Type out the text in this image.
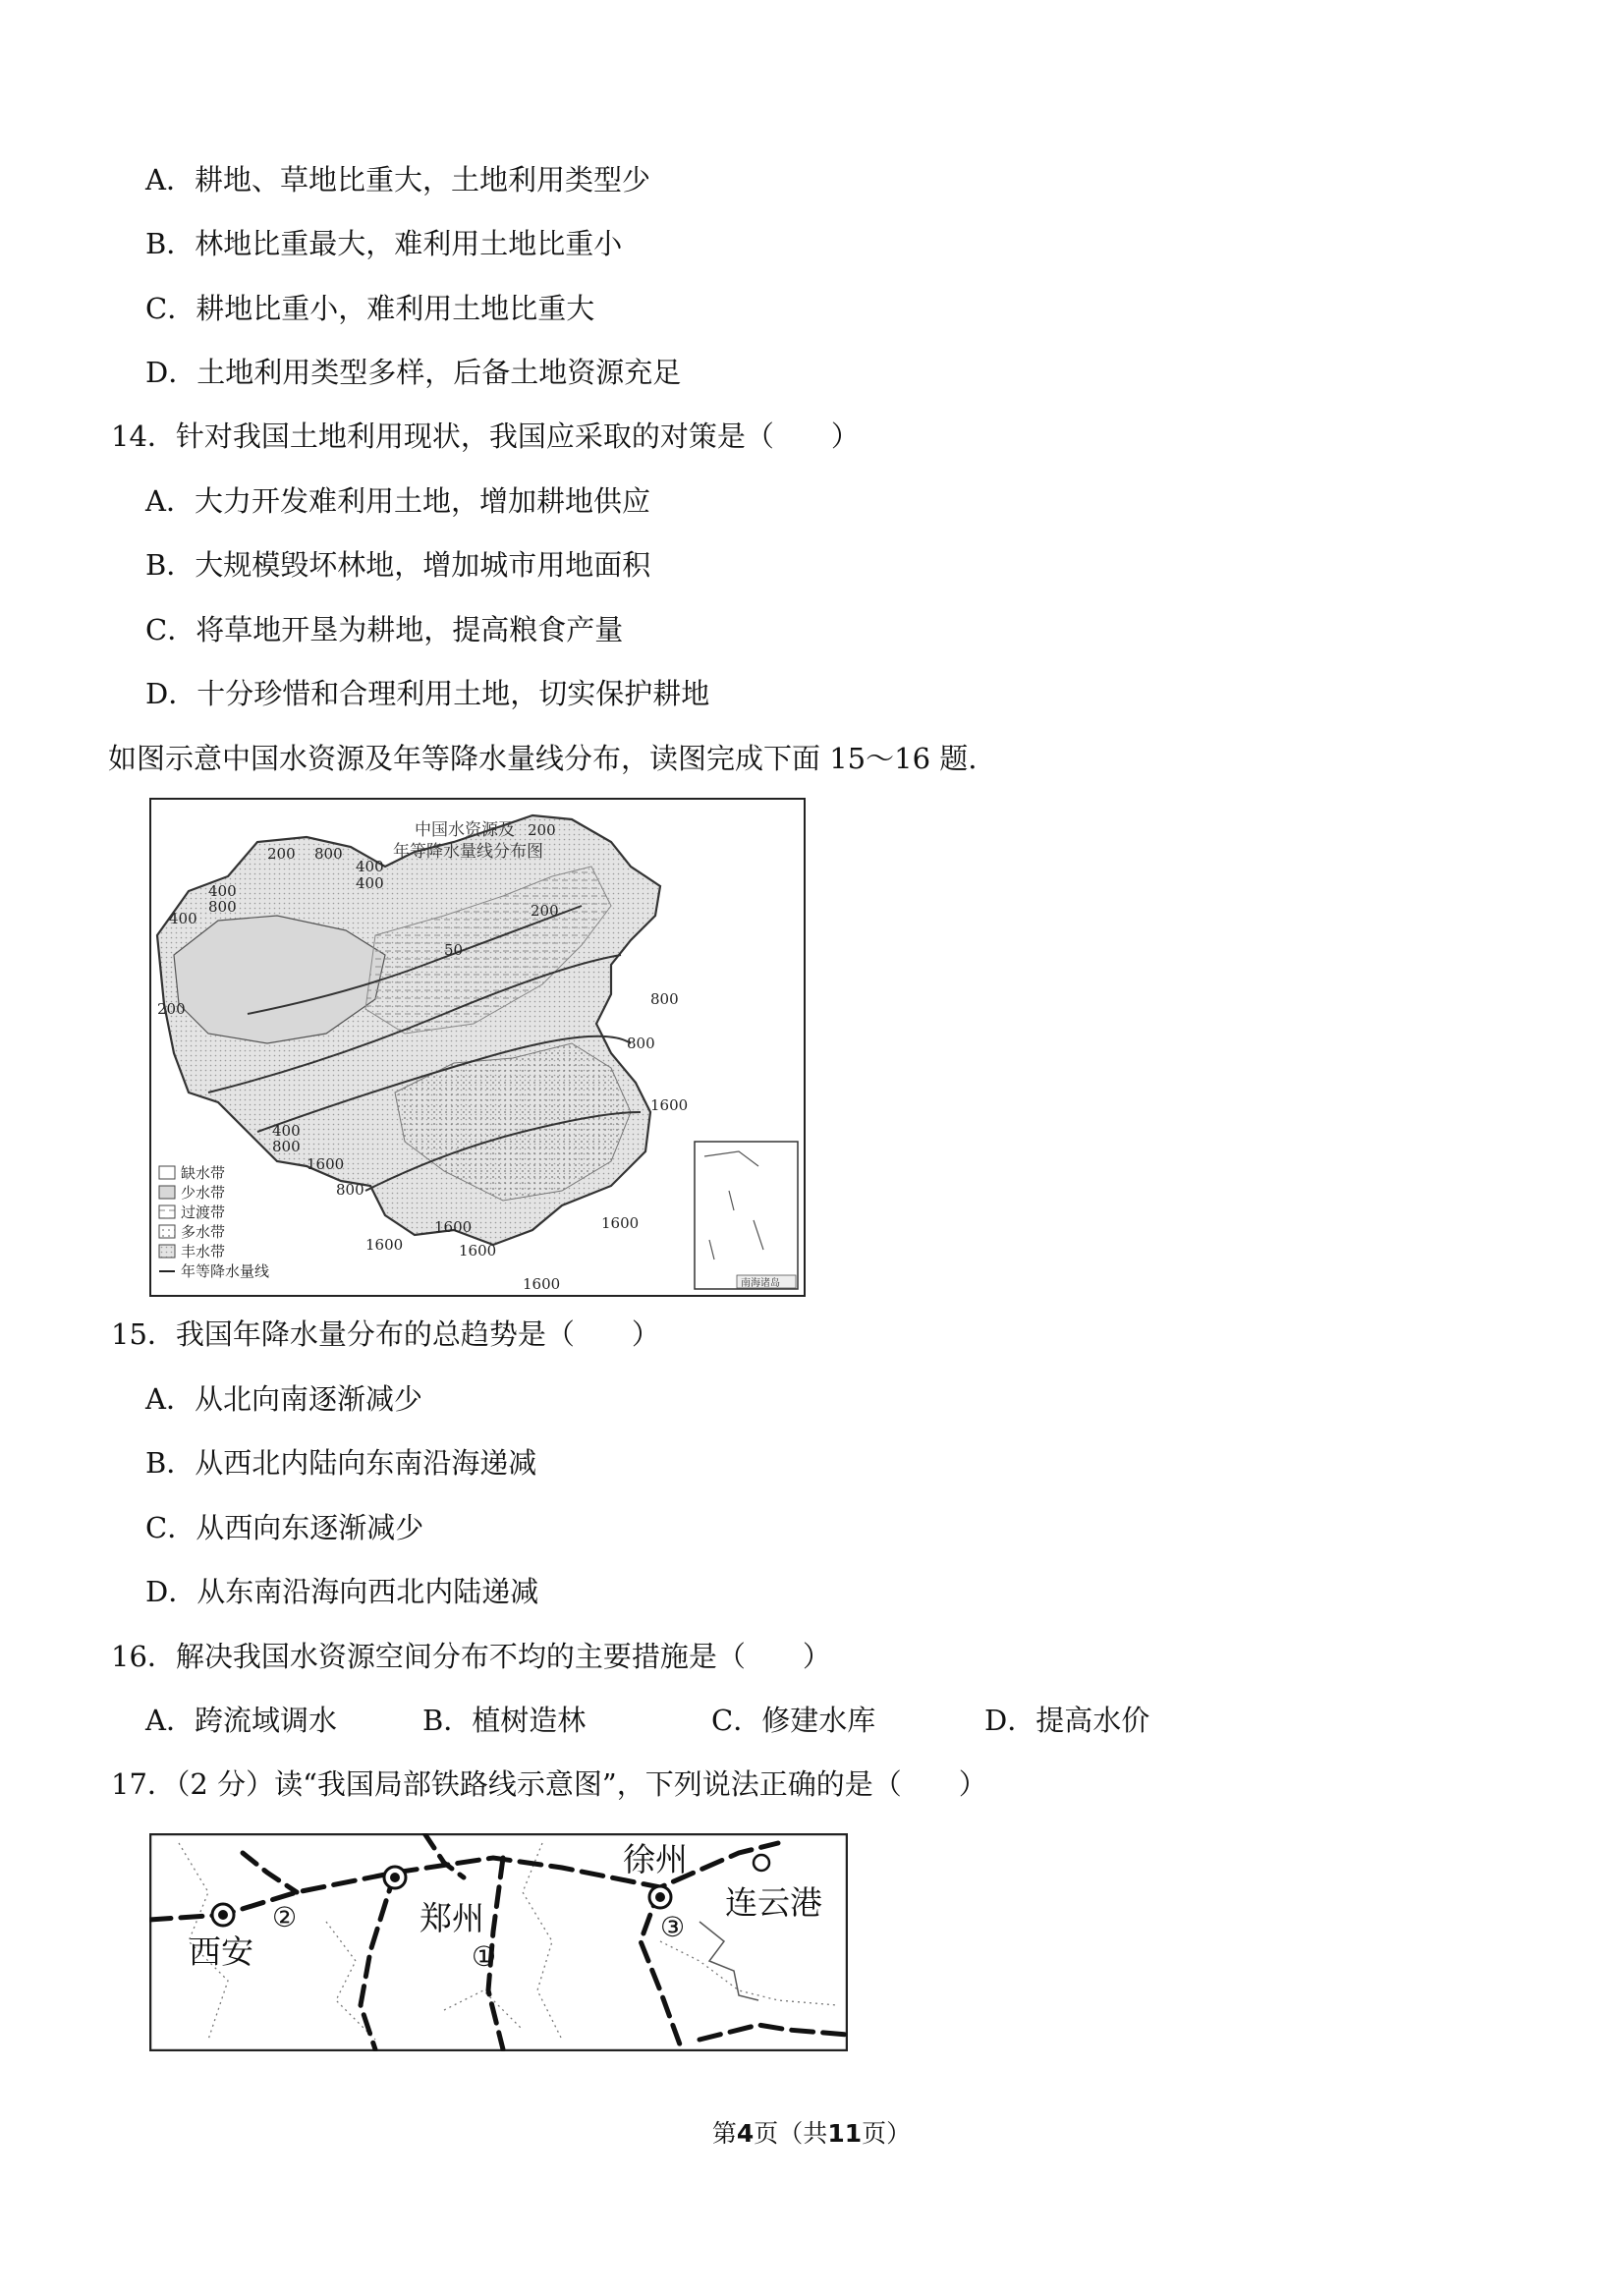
A．耕地、草地比重大，土地利用类型少
B．林地比重最大，难利用土地比重小
C．耕地比重小，难利用土地比重大
D．土地利用类型多样，后备土地资源充足
14．针对我国土地利用现状，我国应采取的对策是（　　）
A．大力开发难利用土地，增加耕地供应
B．大规模毁坏林地，增加城市用地面积
C．将草地开垦为耕地，提高粮食产量
D．十分珍惜和合理利用土地，切实保护耕地
如图示意中国水资源及年等降水量线分布，读图完成下面 15～16 题.
中国水资源及
年等降水量线分布图
200 800
400
400
400
800
400
200
50
200
800
800
200
1600
400
800
1600
800
1600
1600	1600
1600
1600
缺水带
少水带
过渡带
多水带
丰水带
年等降水量线
南海诸岛
15．我国年降水量分布的总趋势是（　　）
A．从北向南逐渐减少
B．从西北内陆向东南沿海递减
C．从西向东逐渐减少
D．从东南沿海向西北内陆递减
16．解决我国水资源空间分布不均的主要措施是（　　）
A．跨流域调水	B．植树造林	C．修建水库	D．提高水价
17．（2 分）读“我国局部铁路线示意图”，下列说法正确的是（　　）
西安
郑州
徐州
连云港
①
②	③
第4页（共11页）
